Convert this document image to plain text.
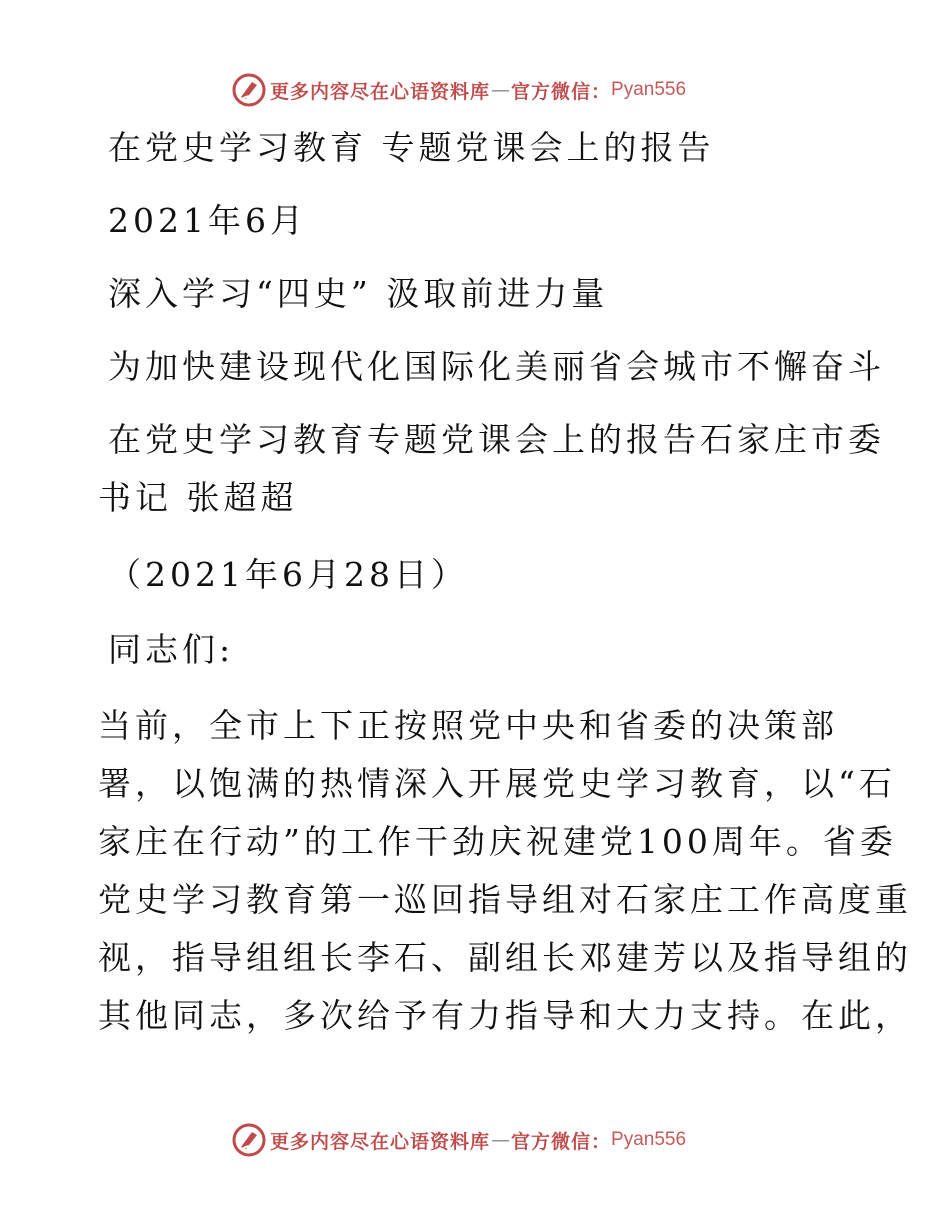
更多内容尽在心语资料库 — 官方微信： Pyan556
在党史学习教育 专题党课会上的报告
2021年6月
深入学习“四史” 汲取前进力量
为加快建设现代化国际化美丽省会城市不懈奋斗
在党史学习教育专题党课会上的报告石家庄市委
书记 张超超
（2021年6月28日）
同志们:
当前，全市上下正按照党中央和省委的决策部
署，以饱满的热情深入开展党史学习教育，以“石
家庄在行动”的工作干劲庆祝建党100周年。省委
党史学习教育第一巡回指导组对石家庄工作高度重
视，指导组组长李石、副组长邓建芳以及指导组的
其他同志，多次给予有力指导和大力支持。在此，
更多内容尽在心语资料库 — 官方微信： Pyan556
